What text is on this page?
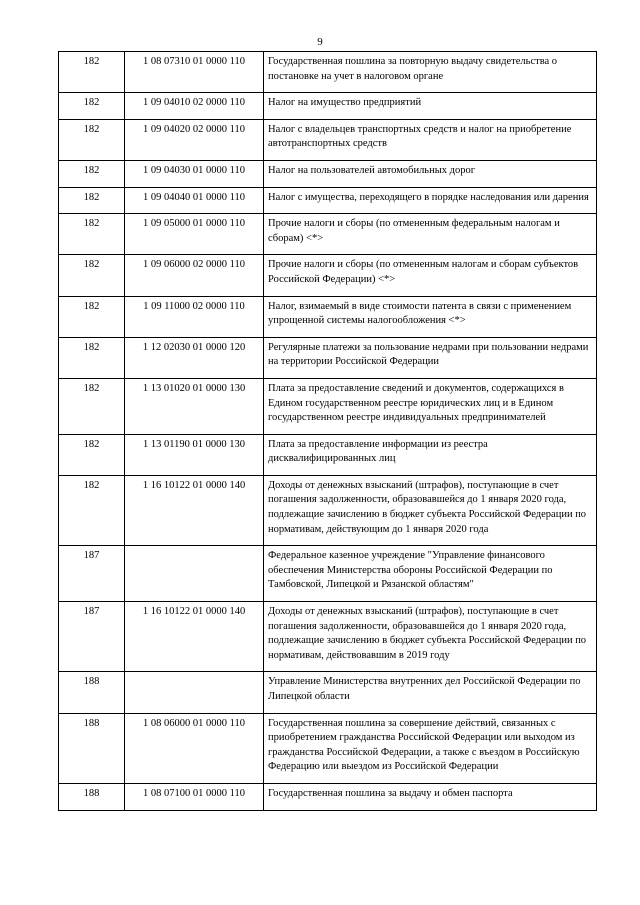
9
182	1 08 07310 01 0000 110	Государственная пошлина за повторную выдачу свидетельства о постановке на учет в налоговом органе
182	1 09 04010 02 0000 110	Налог на имущество предприятий
182	1 09 04020 02 0000 110	Налог с владельцев транспортных средств и налог на приобретение автотранспортных средств
182	1 09 04030 01 0000 110	Налог на пользователей автомобильных дорог
182	1 09 04040 01 0000 110	Налог с имущества, переходящего в порядке наследования или дарения
182	1 09 05000 01 0000 110	Прочие налоги и сборы (по отмененным федеральным налогам и сборам) <*>
182	1 09 06000 02 0000 110	Прочие налоги и сборы (по отмененным налогам и сборам субъектов Российской Федерации) <*>
182	1 09 11000 02 0000 110	Налог, взимаемый в виде стоимости патента в связи с применением упрощенной системы налогообложения <*>
182	1 12 02030 01 0000 120	Регулярные платежи за пользование недрами при пользовании недрами на территории Российской Федерации
182	1 13 01020 01 0000 130	Плата за предоставление сведений и документов, содержащихся в Едином государственном реестре юридических лиц и в Едином государственном реестре индивидуальных предпринимателей
182	1 13 01190 01 0000 130	Плата за предоставление информации из реестра дисквалифицированных лиц
182	1 16 10122 01 0000 140	Доходы от денежных взысканий (штрафов), поступающие в счет погашения задолженности, образовавшейся до 1 января 2020 года, подлежащие зачислению в бюджет субъекта Российской Федерации по нормативам, действующим до 1 января 2020 года
187		Федеральное казенное учреждение "Управление финансового обеспечения Министерства обороны Российской Федерации по Тамбовской, Липецкой и Рязанской областям"
187	1 16 10122 01 0000 140	Доходы от денежных взысканий (штрафов), поступающие в счет погашения задолженности, образовавшейся до 1 января 2020 года, подлежащие зачислению в бюджет субъекта Российской Федерации по нормативам, действовавшим в 2019 году
188		Управление Министерства внутренних дел Российской Федерации по Липецкой области
188	1 08 06000 01 0000 110	Государственная пошлина за совершение действий, связанных с приобретением гражданства Российской Федерации или выходом из гражданства Российской Федерации, а также с въездом в Российскую Федерацию или выездом из Российской Федерации
188	1 08 07100 01 0000 110	Государственная пошлина за выдачу и обмен паспорта
